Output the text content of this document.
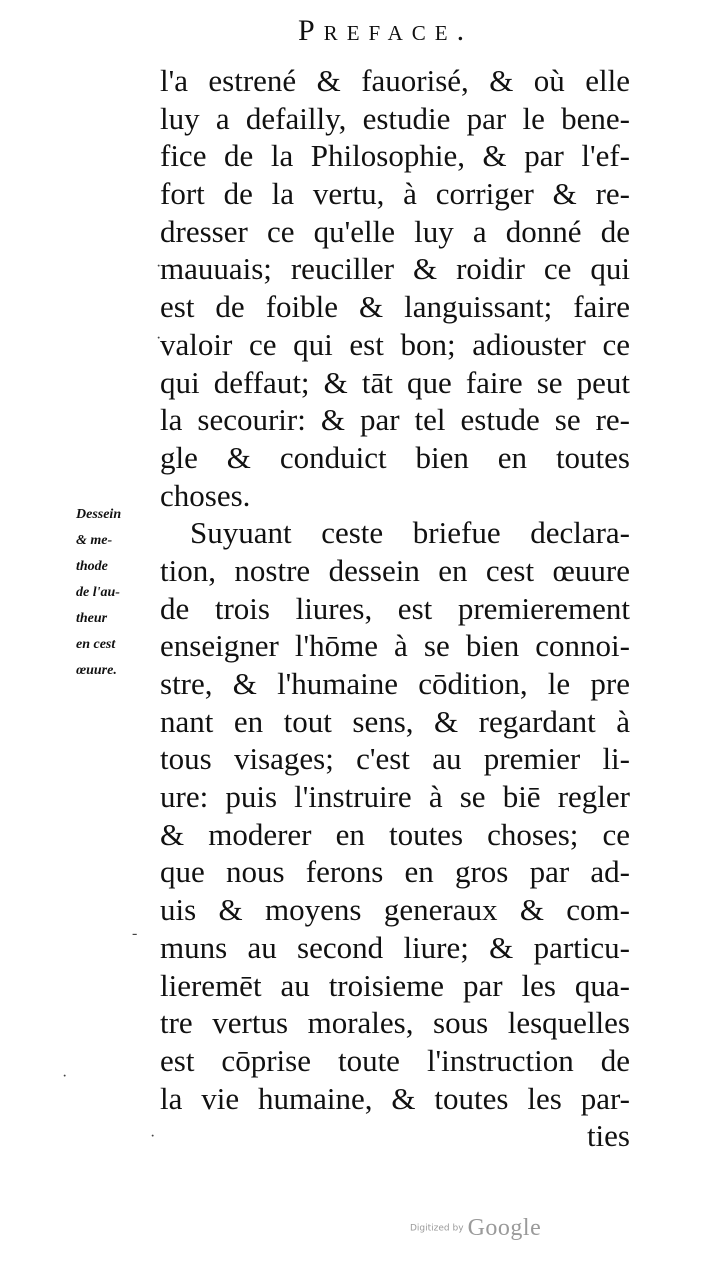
Preface.
l'a estrené & fauorisé, & où elle
luy a defailly, estudie par le bene-
fice de la Philosophie, & par l'ef-
fort de la vertu, à corriger & re-
dresser ce qu'elle luy a donné de
mauuais; reuciller & roidir ce qui
est de foible & languissant; faire
valoir ce qui est bon; adiouster ce
qui deffaut; & tāt que faire se peut
la secourir: & par tel estude se re-
gle & conduict bien en toutes
choses.
Suyuant ceste briefue declara-
tion, nostre dessein en cest œuure
de trois liures, est premierement
enseigner l'hōme à se bien connoi-
stre, & l'humaine cōdition, le pre
nant en tout sens, & regardant à
tous visages; c'est au premier li-
ure: puis l'instruire à se biē regler
& moderer en toutes choses; ce
que nous ferons en gros par ad-
uis & moyens generaux & com-
muns au second liure; & particu-
lieremēt au troisieme par les qua-
tre vertus morales, sous lesquelles
est cōprise toute l'instruction de
la vie humaine, & toutes les par-
ties
Dessein
& me-
thode
de l'au-
theur
en cest
œuure.
·
·
-
·
·
Digitized by Google
